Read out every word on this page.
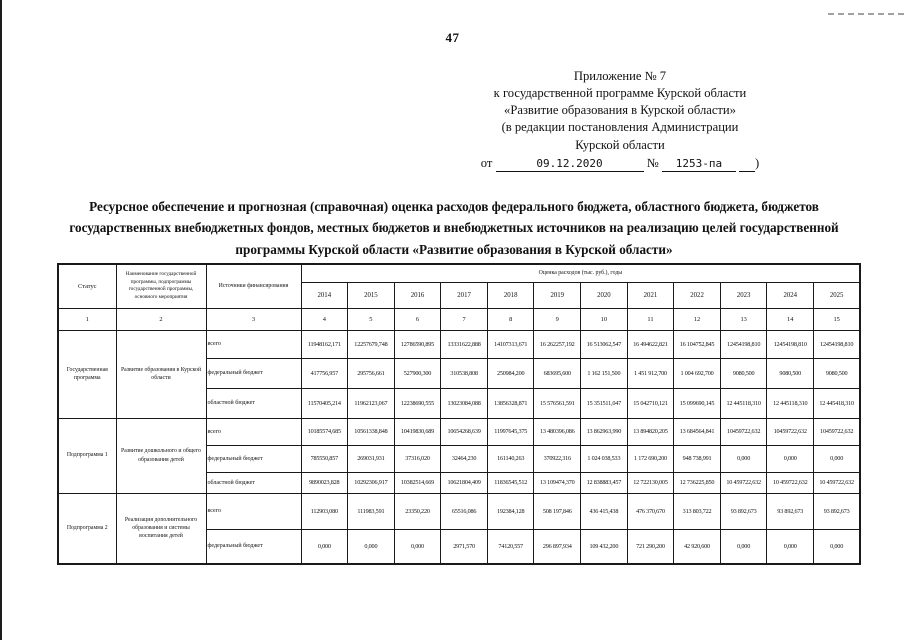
47
Приложение № 7
к государственной программе Курской области
«Развитие образования в Курской области»
(в редакции постановления Администрации
Курской области
от	09.12.2020	№ 1253-па	)
Ресурсное обеспечение и прогнозная (справочная) оценка расходов федерального бюджета, областного бюджета, бюджетов государственных внебюджетных фондов, местных бюджетов и внебюджетных источников на реализацию целей государственной программы Курской области «Развитие образования в Курской области»
Статус	Наименование государственной программы, подпрограммы государственной программы, основного мероприятия	Источники финансирования	Оценка расходов (тыс. руб.), годы											
			2014	2015	2016	2017	2018	2019	2020	2021	2022	2023	2024	2025
1	2	3	4	5	6	7	8	9	10	11	12	13	14	15
Государственная программа	Развитие образования в Курской области	всего	11948162,171	12257679,748	12786590,895	13331622,888	14107313,671	16 262257,192	16 513062,547	16 494622,821	16 104752,845	12454198,810	12454198,810	12454198,810
		федеральный бюджет	417756,957	295756,661	527900,300	310538,808	250984,200	683695,600	1 162 151,500	1 451 912,700	1 004 692,700	9080,500	9080,500	9080,500
		областной бюджет	11570405,214	11962123,067	12238690,555	13023084,088	13856328,871	15 576561,591	15 351511,047	15 042710,121	15 099690,145	12 445118,310	12 445118,310	12 445418,310
Подпрограмма 1	Развитие дошкольного и общего образования детей	всего	10185574,685	10561338,848	10419830,689	10654268,639	11997645,375	13 480396,086	13 862963,990	13 894820,205	13 684564,841	10459722,632	10459722,632	10459722,632
		федеральный бюджет	785550,857	269031,931	37316,020	32464,230	161140,263	370922,316	1 024 038,533	1 172 690,200	948 738,991	0,000	0,000	0,000
		областной бюджет	9890023,828	10292306,917	10382514,669	10621804,409	11836545,512	13 109474,370	12 838883,457	12 722130,005	12 736225,850	10 459722,632	10 459722,632	10 459722,632
Подпрограмма 2	Реализация дополнительного образования и системы воспитания детей	всего	112903,080	111983,591	23350,220	65516,086	192384,128	508 197,846	436 415,438	476 370,670	313 803,722	93 892,673	93 892,673	93 892,673
		федеральный бюджет	0,000	0,000	0,000	2971,570	74120,557	296 897,934	109 432,200	721 290,200	42 920,600	0,000	0,000	0,000
